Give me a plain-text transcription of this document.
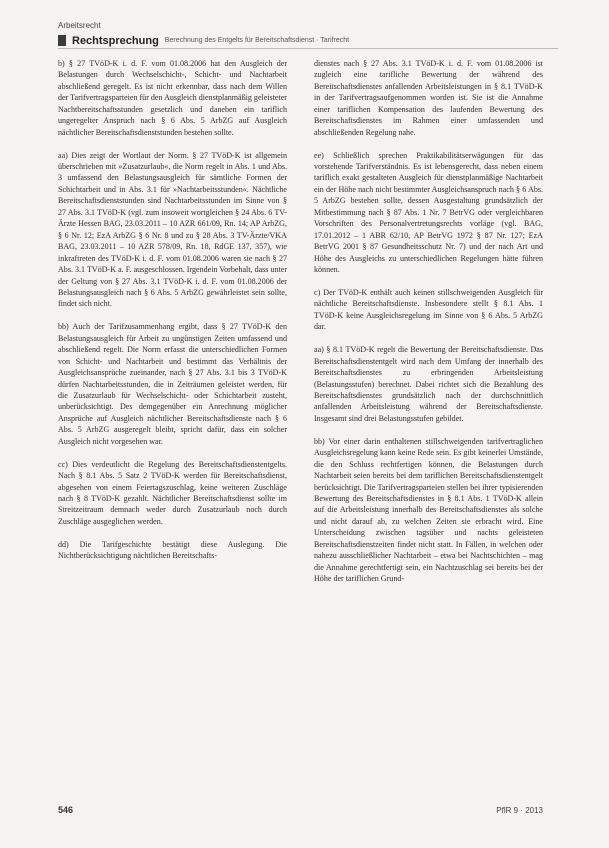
Arbeitsrecht
Rechtsprechung Berechnung des Entgelts für Bereitschaftsdienst · Tarifrecht

b) § 27 TVöD-K i. d. F. vom 01.08.2006 hat den Ausgleich der Belastungen durch Wechselschicht-, Schicht- und Nachtarbeit abschließend geregelt. Es ist nicht erkennbar, dass nach dem Willen der Tarifvertragsparteien für den Ausgleich dienstplanmäßig geleisteter Nachtbereitschaftsstunden gesetzlich und daneben ein tariflich ungeregelter Anspruch nach § 6 Abs. 5 ArbZG auf Ausgleich nächtlicher Bereitschaftsdienststunden bestehen sollte.

aa) Dies zeigt der Wortlaut der Norm. § 27 TVöD-K ist allgemein überschrieben mit »Zusatzurlaub«, die Norm regelt in Abs. 1 und Abs. 3 umfassend den Belastungsausgleich für sämtliche Formen der Schichtarbeit und in Abs. 3.1 für »Nachtarbeitsstunden«. Nächtliche Bereitschaftsdienststunden sind Nachtarbeitsstunden im Sinne von § 27 Abs. 3.1 TVöD-K (vgl. zum insoweit wortgleichen § 24 Abs. 6 TV-Ärzte Hessen BAG, 23.03.2011 – 10 AZR 661/09, Rn. 14; AP ArbZG, § 6 Nr. 12; EzA ArbZG § 6 Nr. 8 und zu § 28 Abs. 3 TV-Ärzte/VKA BAG, 23.03.2011 – 10 AZR 578/09, Rn. 18, RdGE 137, 357), wie inkraftreten des TVöD-K i. d. F. vom 01.08.2006 waren sie nach § 27 Abs. 3.1 TVöD-K a. F. ausgeschlossen. Irgendein Vorbehalt, dass unter der Geltung von § 27 Abs. 3.1 TVöD-K i. d. F. vom 01.08.2006 der Belastungsausgleich nach § 6 Abs. 5 ArbZG gewährleistet sein sollte, findet sich nicht.

bb) Auch der Tarifzusammenhang ergibt, dass § 27 TVöD-K den Belastungsausgleich für Arbeit zu ungünstigen Zeiten umfassend und abschließend regelt. Die Norm erfasst die unterschiedlichen Formen von Schicht- und Nachtarbeit und bestimmt das Verhältnis der Ausgleichsansprüche zueinander, nach § 27 Abs. 3.1 bis 3 TVöD-K dürfen Nachtarbeitsstunden, die in Zeiträumen geleistet werden, für die Zusatzurlaub für Wechselschicht- oder Schichtarbeit zusteht, unberücksichtigt. Des demgegenüber ein Anrechnung möglicher Ansprüche auf Ausgleich nächtlicher Bereitschaftsdienste nach § 6 Abs. 5 ArbZG ausgeregelt bleibt, spricht dafür, dass ein solcher Ausgleich nicht vorgesehen war.

cc) Dies verdeutlicht die Regelung des Bereitschaftsdienstentgelts. Nach § 8.1 Abs. 5 Satz 2 TVöD-K werden für Bereitschaftsdienst, abgesehen von einem Feiertagszuschlag, keine weiteren Zuschläge nach § 8 TVöD-K gezahlt. Nächtlicher Bereitschaftsdienst sollte im Streitzeitraum demnach weder durch Zusatzurlaub noch durch Zuschläge ausgeglichen werden.

dd) Die Tarifgeschichte bestätigt diese Auslegung. Die Nichtberücksichtigung nächtlichen Bereitschafts-

dienstes nach § 27 Abs. 3.1 TVöD-K i. d. F. vom 01.08.2006 ist zugleich eine tarifliche Bewertung der während des Bereitschaftsdienstes anfallenden Arbeitsleistungen in § 8.1 TVöD-K in der Tarifvertragsaufgenommen worden ist. Sie ist die Annahme einer tariflichen Kompensation des laufenden Bewertung des Bereitschaftsdienstes im Rahmen einer umfassenden und abschließenden Regelung nahe.

ee) Schließlich sprechen Praktikabilitätserwägungen für das vorstehende Tarifverständnis. Es ist lebensgerecht, dass neben einem tariflich exakt gestalteten Ausgleich für dienstplanmäßige Nachtarbeit ein der Höhe nach nicht bestimmter Ausgleichsanspruch nach § 6 Abs. 5 ArbZG bestehen sollte, dessen Ausgestaltung grundsätzlich der Mitbestimmung nach § 87 Abs. 1 Nr. 7 BetrVG oder vergleichbaren Vorschriften des Personalvertretungsrechts vorläge (vgl. BAG, 17.01.2012 – 1 ABR 62/10, AP BetrVG 1972 § 87 Nr. 127; EzA BetrVG 2001 § 87 Gesundheitsschutz Nr. 7) und der nach Art und Höhe des Ausgleichs zu unterschiedlichen Regelungen hätte führen können.

c) Der TVöD-K enthält auch keinen stillschweigenden Ausgleich für nächtliche Bereitschaftsdienste. Insbesondere stellt § 8.1 Abs. 1 TVöD-K keine Ausgleichsregelung im Sinne von § 6 Abs. 5 ArbZG dar.

aa) § 8.1 TVöD-K regelt die Bewertung der Bereitschaftsdienste. Das Bereitschaftsdienstentgelt wird nach dem Umfang der innerhalb des Bereitschaftsdienstes zu erbringenden Arbeitsleistung (Belastungsstufen) berechnet. Dabei richtet sich die Bezahlung des Bereitschaftsdienstes grundsätzlich nach der durchschnittlich anfallenden Arbeitsleistung während der Bereitschaftsdienste. Insgesamt sind drei Belastungsstufen gebildet.

bb) Vor einer darin enthaltenen stillschweigenden tarifvertraglichen Ausgleichsregelung kann keine Rede sein. Es gibt keinerlei Umstände, die den Schluss rechtfertigen können, die Belastungen durch Nachtarbeit seien bereits bei dem tariflichen Bereitschaftsdienstentgelt berücksichtigt. Die Tarifvertragsparteien stellen bei ihrer typisierenden Bewertung des Bereitschaftsdienstes in § 8.1 Abs. 1 TVöD-K allein auf die Arbeitsleistung innerhalb des Bereitschaftsdienstes als solche und nicht darauf ab, zu welchen Zeiten sie erbracht wird. Eine Unterscheidung zwischen tagsüber und nachts geleisteten Bereitschaftsdienstzeiten findet nicht statt. In Fällen, in welchen oder nahezu ausschließlicher Nachtarbeit – etwa bei Nachtschichten – mag die Annahme gerechtfertigt sein, ein Nachtzuschlag sei bereits bei der Höhe der tariflichen Grund-

546	PflR 9 · 2013
